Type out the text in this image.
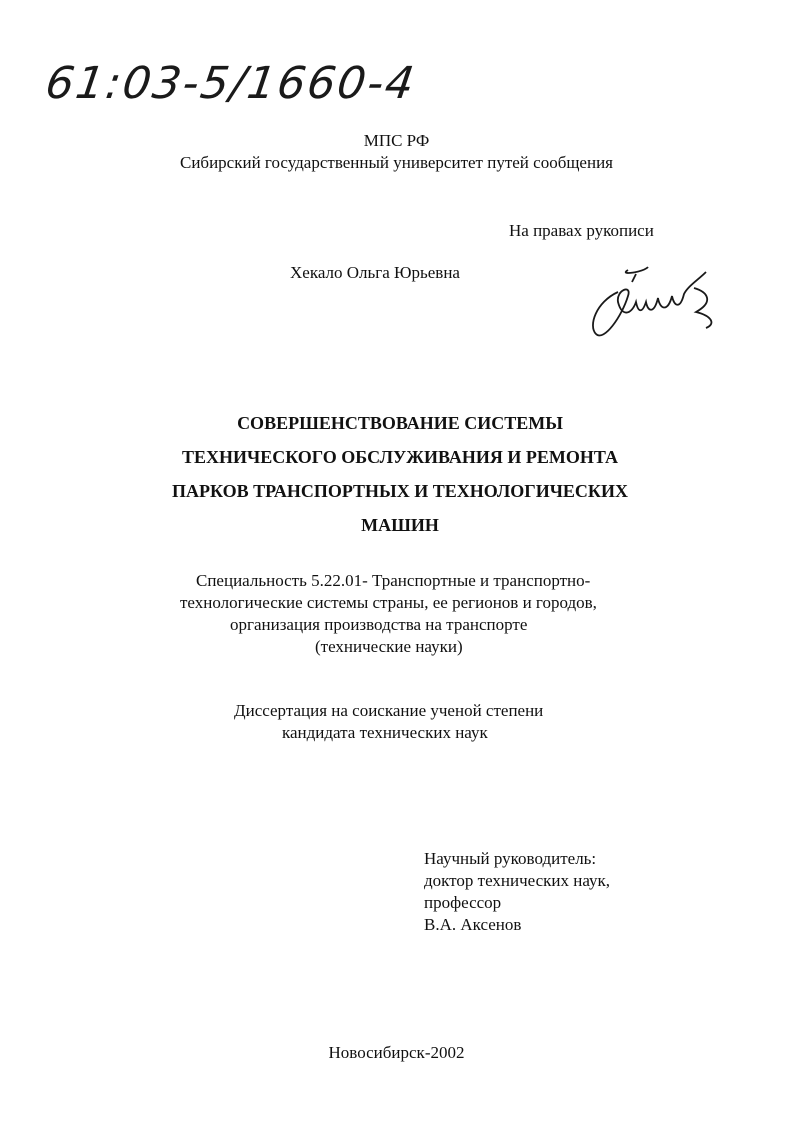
61:03-5/1660-4
МПС РФ
Сибирский государственный университет путей сообщения
На правах рукописи
Хекало Ольга Юрьевна
СОВЕРШЕНСТВОВАНИЕ СИСТЕМЫ
ТЕХНИЧЕСКОГО ОБСЛУЖИВАНИЯ И РЕМОНТА
ПАРКОВ ТРАНСПОРТНЫХ И ТЕХНОЛОГИЧЕСКИХ
МАШИН
Специальность 5.22.01- Транспортные и транспортно-
технологические системы страны, ее регионов и городов,
организация производства на транспорте
(технические науки)
Диссертация на соискание ученой степени
кандидата технических наук
Научный руководитель:
доктор технических наук,
профессор
В.А. Аксенов
Новосибирск-2002
